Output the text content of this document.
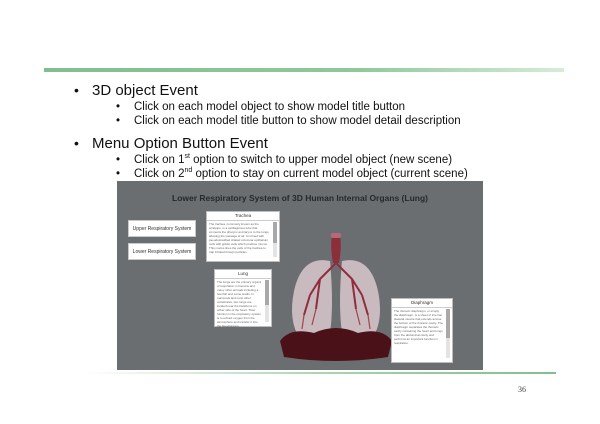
• 3D object Event
•	Click on each model object to show model title button
•	Click on each model title button to show model detail description
• Menu Option Button Event
•	Click on 1st option to switch to upper model object (new scene)
•	Click on 2nd option to stay on current model object (current scene)
Lower Respiratory System of 3D Human Internal Organs (Lung)
Upper Respiratory System
Lower Respiratory System
Trachea
The trachea, commonly known as the windpipe, is a cartilaginous tube that connects the pharynx and larynx to the lungs, allowing the passage of air. It is lined with pseudostratified ciliated columnar epithelium cells with goblet cells which produce mucus. This mucus lines the cells of the trachea to trap inhaled foreign particles.
Lung
The lungs are the primary organs of respiration in humans and many other animals including a few fish and some snails. In mammals and most other vertebrates, two lungs are located near the backbone on either side of the heart. Their function in the respiratory system is to extract oxygen from the atmosphere and transfer it into the bloodstream.
Diaphragm
The thoracic diaphragm, or simply the diaphragm, is a sheet of internal skeletal muscle that extends across the bottom of the thoracic cavity. The diaphragm separates the thoracic cavity containing the heart and lungs from the abdominal cavity and performs an important function in respiration.
36
